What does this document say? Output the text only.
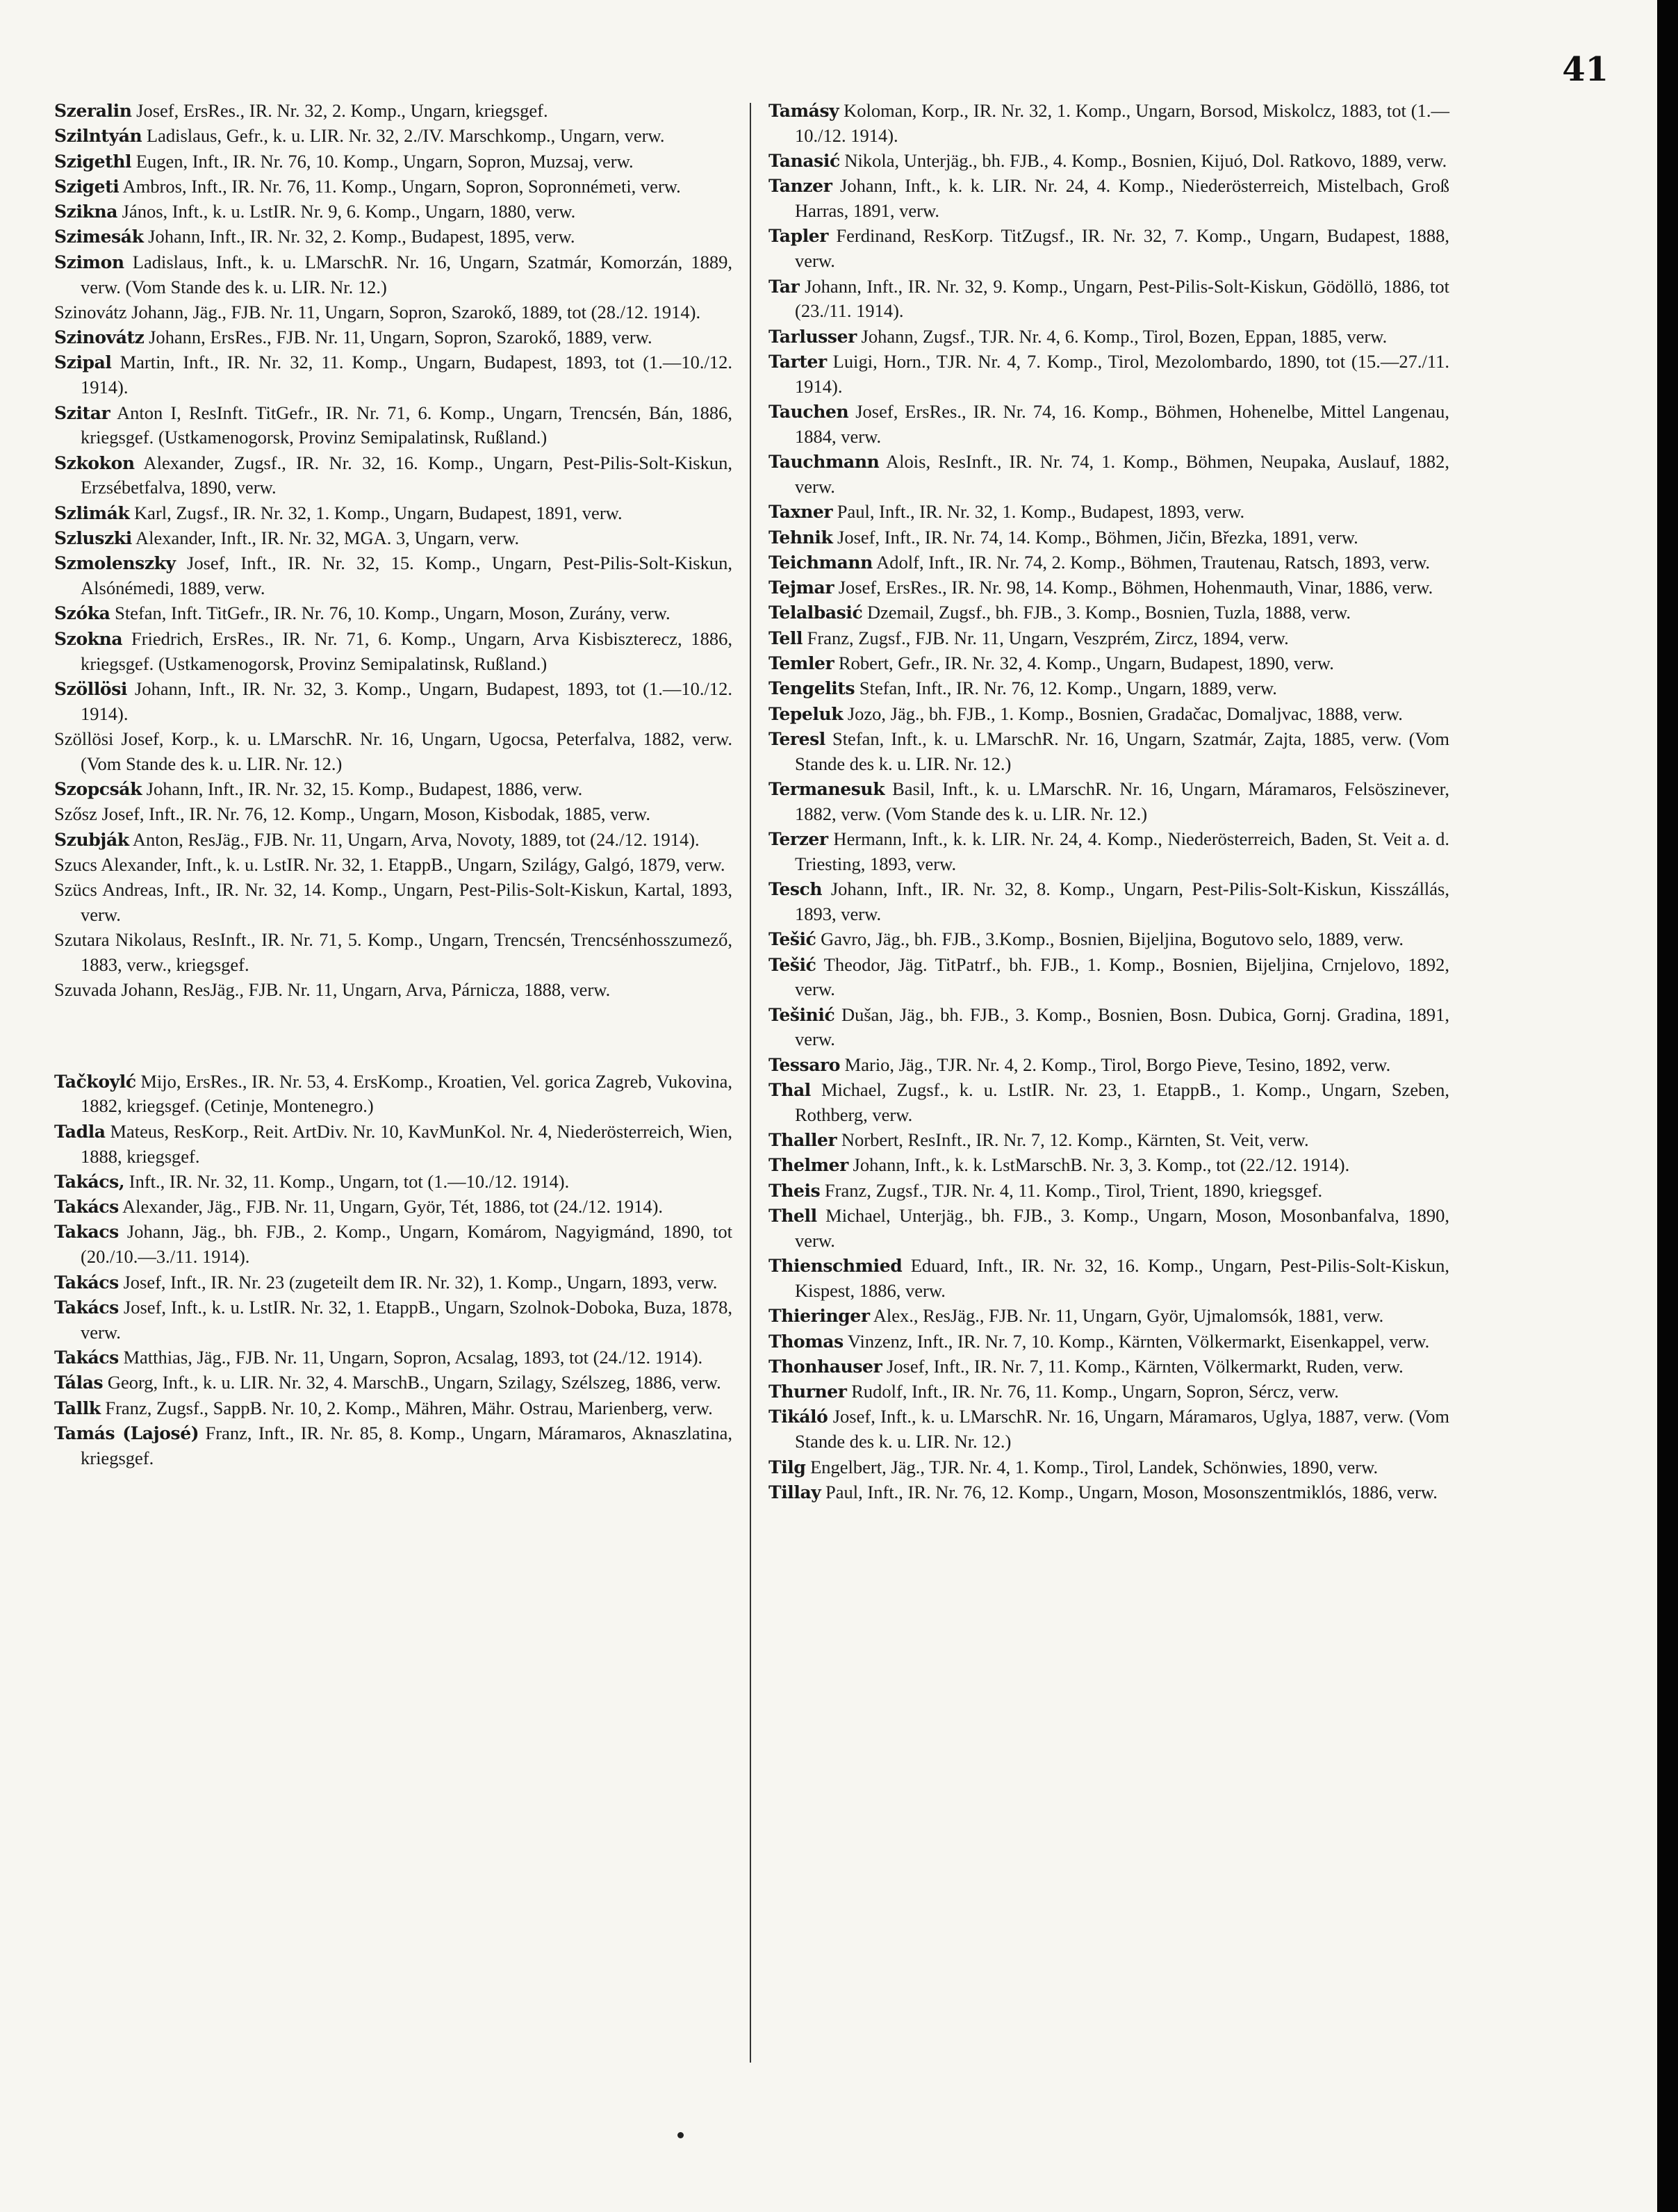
41
Szeralin Josef, ErsRes., IR. Nr. 32, 2. Komp., Ungarn, kriegsgef.
Szilntyán Ladislaus, Gefr., k. u. LIR. Nr. 32, 2./IV. Marschkomp., Ungarn, verw.
Szigethl Eugen, Inft., IR. Nr. 76, 10. Komp., Ungarn, Sopron, Muzsaj, verw.
Szigeti Ambros, Inft., IR. Nr. 76, 11. Komp., Ungarn, Sopron, Sopronnémeti, verw.
Szikna János, Inft., k. u. LstIR. Nr. 9, 6. Komp., Ungarn, 1880, verw.
Szimesák Johann, Inft., IR. Nr. 32, 2. Komp., Budapest, 1895, verw.
Szimon Ladislaus, Inft., k. u. LMarschR. Nr. 16, Ungarn, Szatmár, Komorzán, 1889, verw. (Vom Stande des k. u. LIR. Nr. 12.)
Szinovátz Johann, Jäg., FJB. Nr. 11, Ungarn, Sopron, Szarokő, 1889, tot (28./12. 1914).
Szinovátz Johann, ErsRes., FJB. Nr. 11, Ungarn, Sopron, Szarokő, 1889, verw.
Szipal Martin, Inft., IR. Nr. 32, 11. Komp., Ungarn, Budapest, 1893, tot (1.—10./12. 1914).
Szitar Anton I, ResInft. TitGefr., IR. Nr. 71, 6. Komp., Ungarn, Trencsén, Bán, 1886, kriegsgef. (Ustkamenogorsk, Provinz Semipalatinsk, Rußland.)
Szkokon Alexander, Zugsf., IR. Nr. 32, 16. Komp., Ungarn, Pest-Pilis-Solt-Kiskun, Erzsébetfalva, 1890, verw.
Szlimák Karl, Zugsf., IR. Nr. 32, 1. Komp., Ungarn, Budapest, 1891, verw.
Szluszki Alexander, Inft., IR. Nr. 32, MGA. 3, Ungarn, verw.
Szmolenszky Josef, Inft., IR. Nr. 32, 15. Komp., Ungarn, Pest-Pilis-Solt-Kiskun, Alsónémedi, 1889, verw.
Szóka Stefan, Inft. TitGefr., IR. Nr. 76, 10. Komp., Ungarn, Moson, Zurány, verw.
Szokna Friedrich, ErsRes., IR. Nr. 71, 6. Komp., Ungarn, Arva Kisbiszterecz, 1886, kriegsgef. (Ustkamenogorsk, Provinz Semipalatinsk, Rußland.)
Szöllösi Johann, Inft., IR. Nr. 32, 3. Komp., Ungarn, Budapest, 1893, tot (1.—10./12. 1914).
Szöllösi Josef, Korp., k. u. LMarschR. Nr. 16, Ungarn, Ugocsa, Peterfalva, 1882, verw. (Vom Stande des k. u. LIR. Nr. 12.)
Szopcsák Johann, Inft., IR. Nr. 32, 15. Komp., Budapest, 1886, verw.
Szősz Josef, Inft., IR. Nr. 76, 12. Komp., Ungarn, Moson, Kisbodak, 1885, verw.
Szubják Anton, ResJäg., FJB. Nr. 11, Ungarn, Arva, Novoty, 1889, tot (24./12. 1914).
Szucs Alexander, Inft., k. u. LstIR. Nr. 32, 1. EtappB., Ungarn, Szilágy, Galgó, 1879, verw.
Szücs Andreas, Inft., IR. Nr. 32, 14. Komp., Ungarn, Pest-Pilis-Solt-Kiskun, Kartal, 1893, verw.
Szutara Nikolaus, ResInft., IR. Nr. 71, 5. Komp., Ungarn, Trencsén, Trencsénhosszumező, 1883, verw., kriegsgef.
Szuvada Johann, ResJäg., FJB. Nr. 11, Ungarn, Arva, Párnicza, 1888, verw.
Tačkoylć Mijo, ErsRes., IR. Nr. 53, 4. ErsKomp., Kroatien, Vel. gorica Zagreb, Vukovina, 1882, kriegsgef. (Cetinje, Montenegro.)
Tadla Mateus, ResKorp., Reit. ArtDiv. Nr. 10, KavMunKol. Nr. 4, Niederösterreich, Wien, 1888, kriegsgef.
Takács, Inft., IR. Nr. 32, 11. Komp., Ungarn, tot (1.—10./12. 1914).
Takács Alexander, Jäg., FJB. Nr. 11, Ungarn, Györ, Tét, 1886, tot (24./12. 1914).
Takacs Johann, Jäg., bh. FJB., 2. Komp., Ungarn, Komárom, Nagyigmánd, 1890, tot (20./10.—3./11. 1914).
Takács Josef, Inft., IR. Nr. 23 (zugeteilt dem IR. Nr. 32), 1. Komp., Ungarn, 1893, verw.
Takács Josef, Inft., k. u. LstIR. Nr. 32, 1. EtappB., Ungarn, Szolnok-Doboka, Buza, 1878, verw.
Takács Matthias, Jäg., FJB. Nr. 11, Ungarn, Sopron, Acsalag, 1893, tot (24./12. 1914).
Tálas Georg, Inft., k. u. LIR. Nr. 32, 4. MarschB., Ungarn, Szilagy, Szélszeg, 1886, verw.
Tallk Franz, Zugsf., SappB. Nr. 10, 2. Komp., Mähren, Mähr. Ostrau, Marienberg, verw.
Tamás (Lajosé) Franz, Inft., IR. Nr. 85, 8. Komp., Ungarn, Máramaros, Aknaszlatina, kriegsgef.
Tamásy Koloman, Korp., IR. Nr. 32, 1. Komp., Ungarn, Borsod, Miskolcz, 1883, tot (1.—10./12. 1914).
Tanasić Nikola, Unterjäg., bh. FJB., 4. Komp., Bosnien, Kijuó, Dol. Ratkovo, 1889, verw.
Tanzer Johann, Inft., k. k. LIR. Nr. 24, 4. Komp., Niederösterreich, Mistelbach, Groß Harras, 1891, verw.
Tapler Ferdinand, ResKorp. TitZugsf., IR. Nr. 32, 7. Komp., Ungarn, Budapest, 1888, verw.
Tar Johann, Inft., IR. Nr. 32, 9. Komp., Ungarn, Pest-Pilis-Solt-Kiskun, Gödöllö, 1886, tot (23./11. 1914).
Tarlusser Johann, Zugsf., TJR. Nr. 4, 6. Komp., Tirol, Bozen, Eppan, 1885, verw.
Tarter Luigi, Horn., TJR. Nr. 4, 7. Komp., Tirol, Mezolombardo, 1890, tot (15.—27./11. 1914).
Tauchen Josef, ErsRes., IR. Nr. 74, 16. Komp., Böhmen, Hohenelbe, Mittel Langenau, 1884, verw.
Tauchmann Alois, ResInft., IR. Nr. 74, 1. Komp., Böhmen, Neupaka, Auslauf, 1882, verw.
Taxner Paul, Inft., IR. Nr. 32, 1. Komp., Budapest, 1893, verw.
Tehnik Josef, Inft., IR. Nr. 74, 14. Komp., Böhmen, Jičin, Březka, 1891, verw.
Teichmann Adolf, Inft., IR. Nr. 74, 2. Komp., Böhmen, Trautenau, Ratsch, 1893, verw.
Tejmar Josef, ErsRes., IR. Nr. 98, 14. Komp., Böhmen, Hohenmauth, Vinar, 1886, verw.
Telalbasić Dzemail, Zugsf., bh. FJB., 3. Komp., Bosnien, Tuzla, 1888, verw.
Tell Franz, Zugsf., FJB. Nr. 11, Ungarn, Veszprém, Zircz, 1894, verw.
Temler Robert, Gefr., IR. Nr. 32, 4. Komp., Ungarn, Budapest, 1890, verw.
Tengelits Stefan, Inft., IR. Nr. 76, 12. Komp., Ungarn, 1889, verw.
Tepeluk Jozo, Jäg., bh. FJB., 1. Komp., Bosnien, Gradačac, Domaljvac, 1888, verw.
Teresl Stefan, Inft., k. u. LMarschR. Nr. 16, Ungarn, Szatmár, Zajta, 1885, verw. (Vom Stande des k. u. LIR. Nr. 12.)
Termanesuk Basil, Inft., k. u. LMarschR. Nr. 16, Ungarn, Máramaros, Felsöszinever, 1882, verw. (Vom Stande des k. u. LIR. Nr. 12.)
Terzer Hermann, Inft., k. k. LIR. Nr. 24, 4. Komp., Niederösterreich, Baden, St. Veit a. d. Triesting, 1893, verw.
Tesch Johann, Inft., IR. Nr. 32, 8. Komp., Ungarn, Pest-Pilis-Solt-Kiskun, Kisszállás, 1893, verw.
Tešić Gavro, Jäg., bh. FJB., 3.Komp., Bosnien, Bijeljina, Bogutovo selo, 1889, verw.
Tešić Theodor, Jäg. TitPatrf., bh. FJB., 1. Komp., Bosnien, Bijeljina, Crnjelovo, 1892, verw.
Tešinić Dušan, Jäg., bh. FJB., 3. Komp., Bosnien, Bosn. Dubica, Gornj. Gradina, 1891, verw.
Tessaro Mario, Jäg., TJR. Nr. 4, 2. Komp., Tirol, Borgo Pieve, Tesino, 1892, verw.
Thal Michael, Zugsf., k. u. LstIR. Nr. 23, 1. EtappB., 1. Komp., Ungarn, Szeben, Rothberg, verw.
Thaller Norbert, ResInft., IR. Nr. 7, 12. Komp., Kärnten, St. Veit, verw.
Thelmer Johann, Inft., k. k. LstMarschB. Nr. 3, 3. Komp., tot (22./12. 1914).
Theis Franz, Zugsf., TJR. Nr. 4, 11. Komp., Tirol, Trient, 1890, kriegsgef.
Thell Michael, Unterjäg., bh. FJB., 3. Komp., Ungarn, Moson, Mosonbanfalva, 1890, verw.
Thienschmied Eduard, Inft., IR. Nr. 32, 16. Komp., Ungarn, Pest-Pilis-Solt-Kiskun, Kispest, 1886, verw.
Thieringer Alex., ResJäg., FJB. Nr. 11, Ungarn, Györ, Ujmalomsók, 1881, verw.
Thomas Vinzenz, Inft., IR. Nr. 7, 10. Komp., Kärnten, Völkermarkt, Eisenkappel, verw.
Thonhauser Josef, Inft., IR. Nr. 7, 11. Komp., Kärnten, Völkermarkt, Ruden, verw.
Thurner Rudolf, Inft., IR. Nr. 76, 11. Komp., Ungarn, Sopron, Sércz, verw.
Tikáló Josef, Inft., k. u. LMarschR. Nr. 16, Ungarn, Máramaros, Uglya, 1887, verw. (Vom Stande des k. u. LIR. Nr. 12.)
Tilg Engelbert, Jäg., TJR. Nr. 4, 1. Komp., Tirol, Landek, Schönwies, 1890, verw.
Tillay Paul, Inft., IR. Nr. 76, 12. Komp., Ungarn, Moson, Mosonszentmiklós, 1886, verw.
